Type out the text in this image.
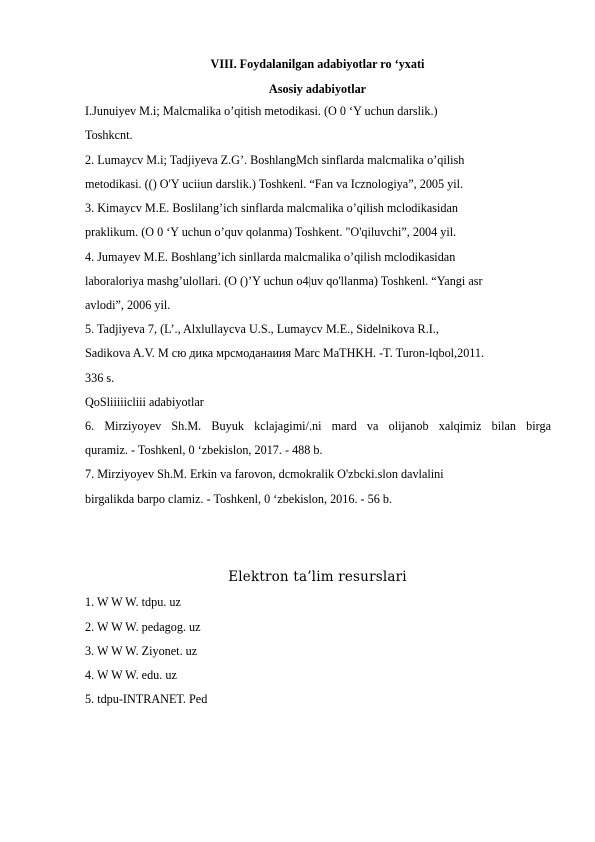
VIII. Foydalanilgan adabiyotlar ro ‘yxati
Asosiy adabiyotlar
I.Junuiyev M.i; Malcmalika o’qitish metodikasi. (O 0 ‘Y uchun darslik.)
Toshkcnt.
2. Lumaycv M.i; Tadjiyeva Z.G’. BoshlangMch sinflarda malcmalika o’qilish
metodikasi. (() O'Y uciiun darslik.) Toshkenl. “Fan va Icznologiya”, 2005 yil.
3. Kimaycv M.E. Boslilang’ich sinflarda malcmalika o’qilish mclodikasidan
praklikum. (O 0 ‘Y uchun o’quv qolanma) Toshkent. "O'qiluvchi”, 2004 yil.
4. Jumayev M.E. Boshlang’ich sinllarda malcmalika o’qilish mclodikasidan
laboraloriya mashg’ulollari. (O ()’Y uchun o4|uv qo'llanma) Toshkenl. “Yangi asr
avlodi”, 2006 yil.
5. Tadjiyeva 7, (L’., Alxlullaycva U.S., Lumaycv M.E., Sidelnikova R.I.,
Sadikova A.V. M сю дика мрсмоданаиия Marc MaTHKH. -T. Turon-lqbol,2011.
336 s.
QoSliiiiicliii adabiyotlar
6. Mirziyoyev Sh.M. Buyuk kclajagimi/.ni mard va olijanob xalqimiz bilan birga
quramiz. - Toshkenl, 0 ‘zbekislon, 2017. - 488 b.
7. Mirziyoyev Sh.M. Erkin va farovon, dcmokralik O'zbcki.slon davlalini
birgalikda barpo clamiz. - Toshkenl, 0 ‘zbekislon, 2016. - 56 b.
Elektron ta’lim resurslari
1. W W W. tdpu. uz
2. W W W. pedagog. uz
3. W W W. Ziyonet. uz
4. W W W. edu. uz
5. tdpu-INTRANET. Ped
